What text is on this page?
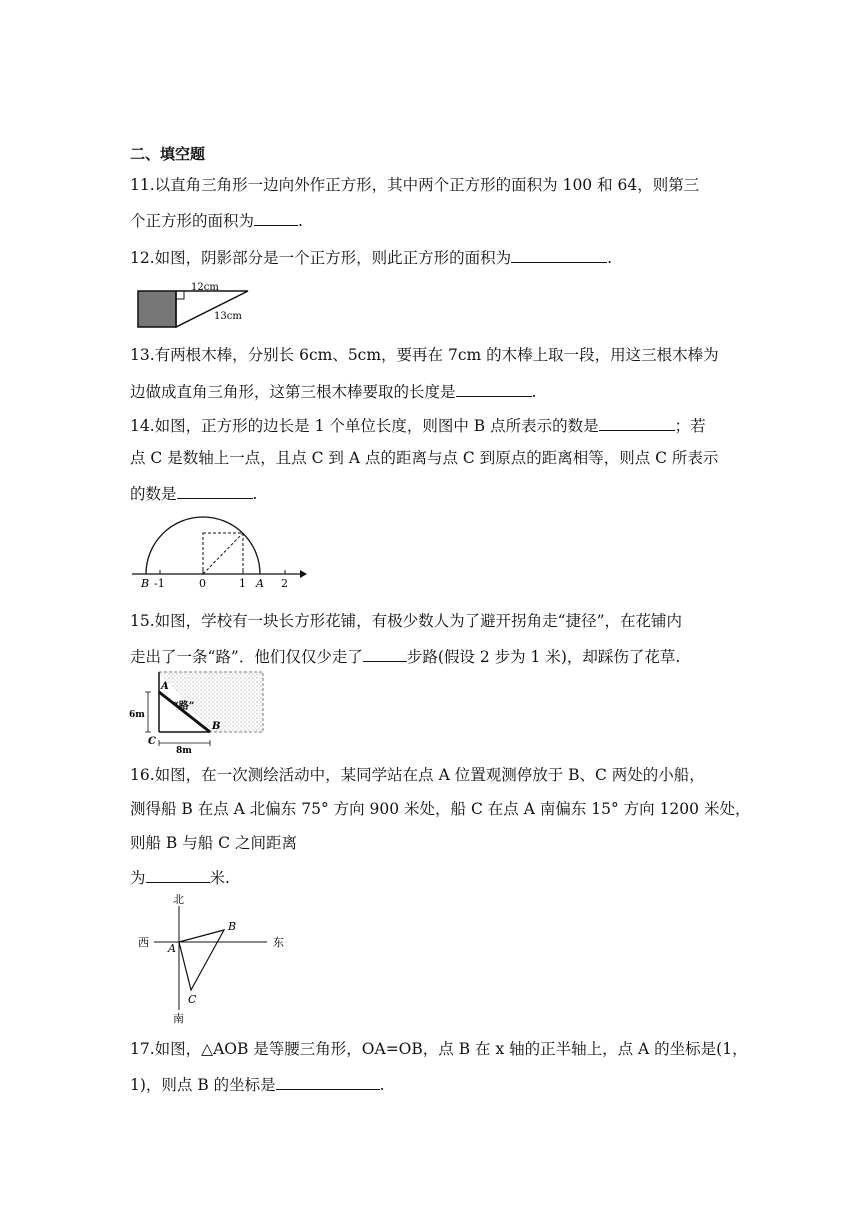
二、填空题
11.以直角三角形一边向外作正方形，其中两个正方形的面积为 100 和 64，则第三
个正方形的面积为	.
12.如图，阴影部分是一个正方形，则此正方形的面积为	.
12cm
13cm
13.有两根木棒，分别长 6cm、5cm，要再在 7cm 的木棒上取一段，用这三根木棒为
边做成直角三角形，这第三根木棒要取的长度是	.
14.如图，正方形的边长是 1 个单位长度，则图中 B 点所表示的数是	；若
点 C 是数轴上一点，且点 C 到 A 点的距离与点 C 到原点的距离相等，则点 C 所表示
的数是	.
B -1	0	1 A 2
15.如图，学校有一块长方形花铺，有极少数人为了避开拐角走“捷径”，在花铺内
走出了一条“路”．他们仅仅少走了	步路(假设 2 步为 1 米)，却踩伤了花草.
A
B
C
“路”
6m
8m
16.如图，在一次测绘活动中，某同学站在点 A 位置观测停放于 B、C 两处的小船，
测得船 B 在点 A 北偏东 75° 方向 900 米处，船 C 在点 A 南偏东 15° 方向 1200 米处，
则船 B 与船 C 之间距离
为	米.
北
南
西	东
A
B
C
17.如图，△AOB 是等腰三角形，OA=OB，点 B 在 x 轴的正半轴上，点 A 的坐标是(1，
1)，则点 B 的坐标是	.
